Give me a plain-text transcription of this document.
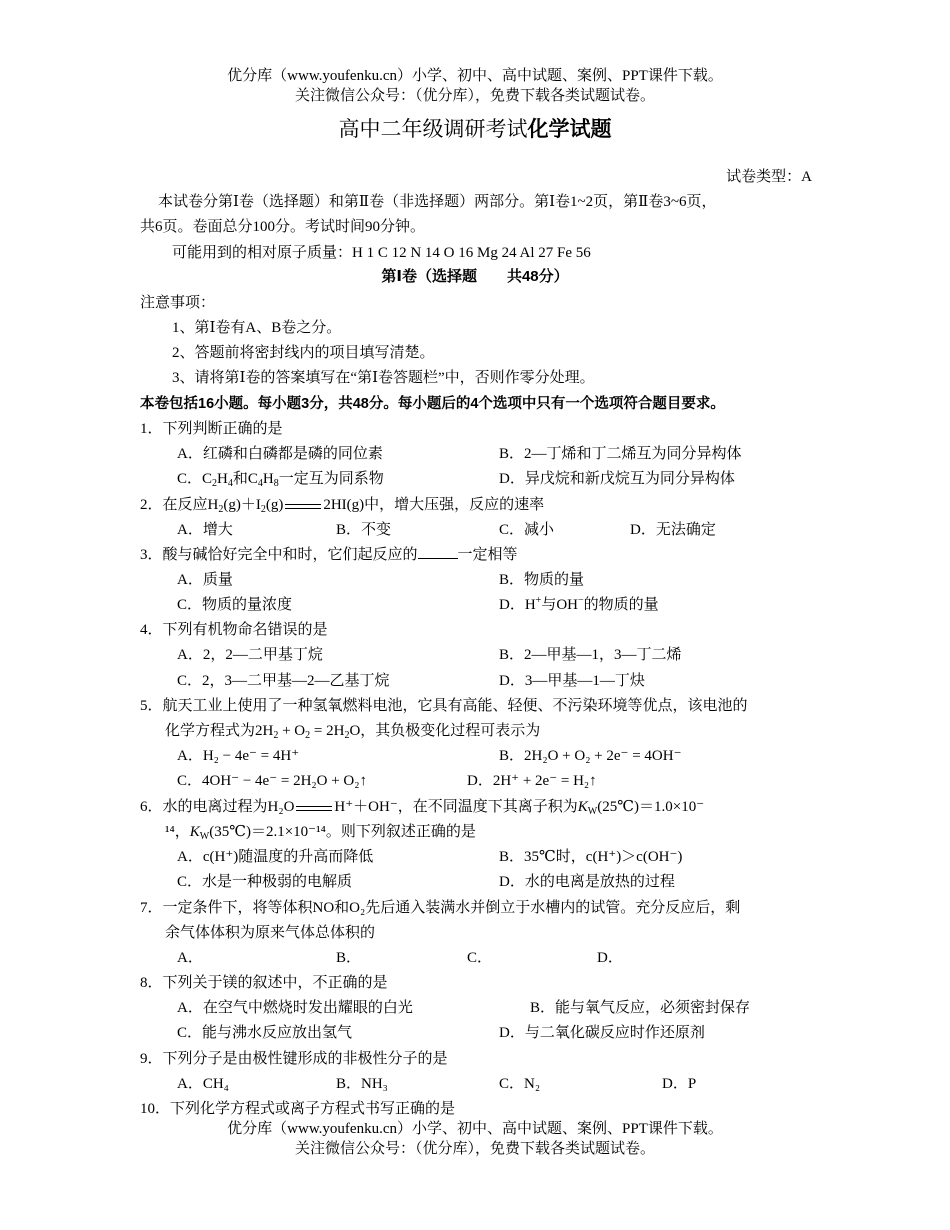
优分库（www.youfenku.cn）小学、初中、高中试题、案例、PPT课件下载。
关注微信公众号：（优分库），免费下载各类试题试卷。
高中二年级调研考试化学试题
试卷类型：A
本试卷分第Ⅰ卷（选择题）和第Ⅱ卷（非选择题）两部分。第Ⅰ卷1~2页，第Ⅱ卷3~6页，
共6页。卷面总分100分。考试时间90分钟。
可能用到的相对原子质量：H 1 C 12 N 14 O 16 Mg 24 Al 27 Fe 56
第Ⅰ卷（选择题　　共48分）
注意事项：
1、第Ⅰ卷有A、B卷之分。
2、答题前将密封线内的项目填写清楚。
3、请将第Ⅰ卷的答案填写在“第Ⅰ卷答题栏”中，否则作零分处理。
本卷包括16小题。每小题3分，共48分。每小题后的4个选项中只有一个选项符合题目要求。
1．下列判断正确的是
A．红磷和白磷都是磷的同位素	B．2—丁烯和丁二烯互为同分异构体
C．$C_2H_4$和$C_4H_8$一定互为同系物	D．异戊烷和新戊烷互为同分异构体
2．在反应$H_2(g)+I_2(g)$	2HI(g)中，增大压强，反应的速率
A．增大	B．不变	C．减小	D．无法确定
3．酸与碱恰好完全中和时，它们起反应的	一定相等
A．质量	B．物质的量
C．物质的量浓度	D．H+与OH−的物质的量
4．下列有机物命名错误的是
A．2，2—二甲基丁烷	B．2—甲基—1，3—丁二烯
C．2，3—二甲基—2—乙基丁烷	D．3—甲基—1—丁炔
5．航天工业上使用了一种氢氧燃料电池，它具有高能、轻便、不污染环境等优点，该电池的
化学方程式为$2H_2 + O_2 = 2H_2O$，其负极变化过程可表示为
A．H₂ − 4e⁻ = 4H⁺	B．2H₂O + O₂ + 2e⁻ = 4OH⁻
C．4OH⁻ − 4e⁻ = 2H₂O + O₂↑	D．2H⁺ + 2e⁻ = H₂↑
6．水的电离过程为H₂O	H⁺＋OH⁻，在不同温度下其离子积为$K_W(25℃)=1.0\times 10^-$
¹⁴，$K_W(35℃)=2.1\times 10^{-14}$。则下列叙述正确的是
A．c(H⁺)随温度的升高而降低	B．35℃时，c(H⁺)＞c(OH⁻)
C．水是一种极弱的电解质	D．水的电离是放热的过程
7．一定条件下，将等体积NO和O₂先后通入装满水并倒立于水槽内的试管。充分反应后，剩
余气体体积为原来气体总体积的
A．	B．	C．	D．
8．下列关于镁的叙述中，不正确的是
A．在空气中燃烧时发出耀眼的白光	B．能与氧气反应，必须密封保存
C．能与沸水反应放出氢气	D．与二氧化碳反应时作还原剂
9．下列分子是由极性键形成的非极性分子的是
A．CH₄	B．NH₃	C．N₂	D．P
10．下列化学方程式或离子方程式书写正确的是
优分库（www.youfenku.cn）小学、初中、高中试题、案例、PPT课件下载。
关注微信公众号：（优分库），免费下载各类试题试卷。
